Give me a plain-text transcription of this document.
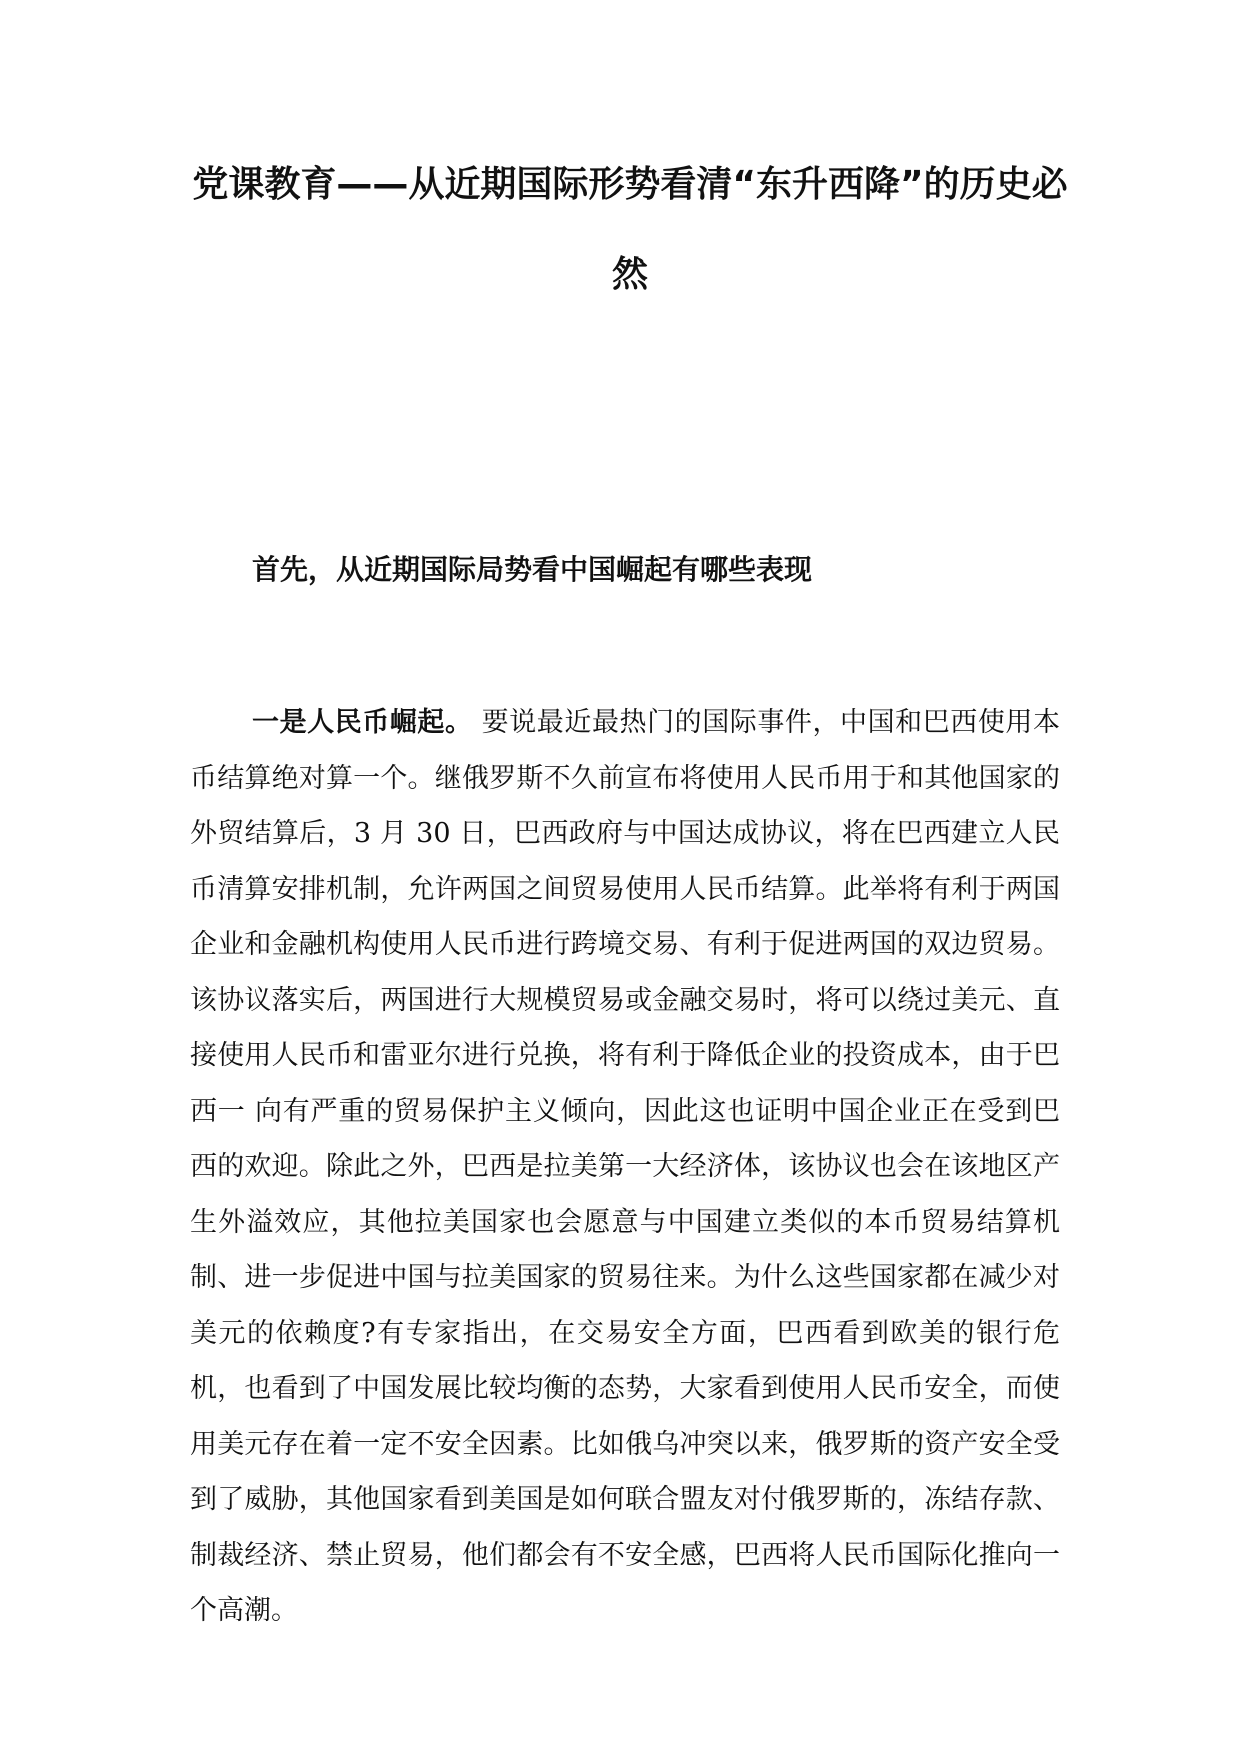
党课教育——从近期国际形势看清“东升西降”的历史必然
首先，从近期国际局势看中国崛起有哪些表现

一是人民币崛起。 要说最近最热门的国际事件，中国和巴西使用本币结算绝对算一个。继俄罗斯不久前宣布将使用人民币用于和其他国家的外贸结算后，3 月 30 日，巴西政府与中国达成协议，将在巴西建立人民币清算安排机制，允许两国之间贸易使用人民币结算。此举将有利于两国企业和金融机构使用人民币进行跨境交易、有利于促进两国的双边贸易。该协议落实后，两国进行大规模贸易或金融交易时，将可以绕过美元、直接使用人民币和雷亚尔进行兑换，将有利于降低企业的投资成本，由于巴西一 向有严重的贸易保护主义倾向，因此这也证明中国企业正在受到巴西的欢迎。除此之外，巴西是拉美第一大经济体，该协议也会在该地区产生外溢效应，其他拉美国家也会愿意与中国建立类似的本币贸易结算机制、进一步促进中国与拉美国家的贸易往来。为什么这些国家都在减少对美元的依赖度?有专家指出，在交易安全方面，巴西看到欧美的银行危机，也看到了中国发展比较均衡的态势，大家看到使用人民币安全，而使用美元存在着一定不安全因素。比如俄乌冲突以来，俄罗斯的资产安全受到了威胁，其他国家看到美国是如何联合盟友对付俄罗斯的，冻结存款、制裁经济、禁止贸易，他们都会有不安全感，巴西将人民币国际化推向一个高潮。
